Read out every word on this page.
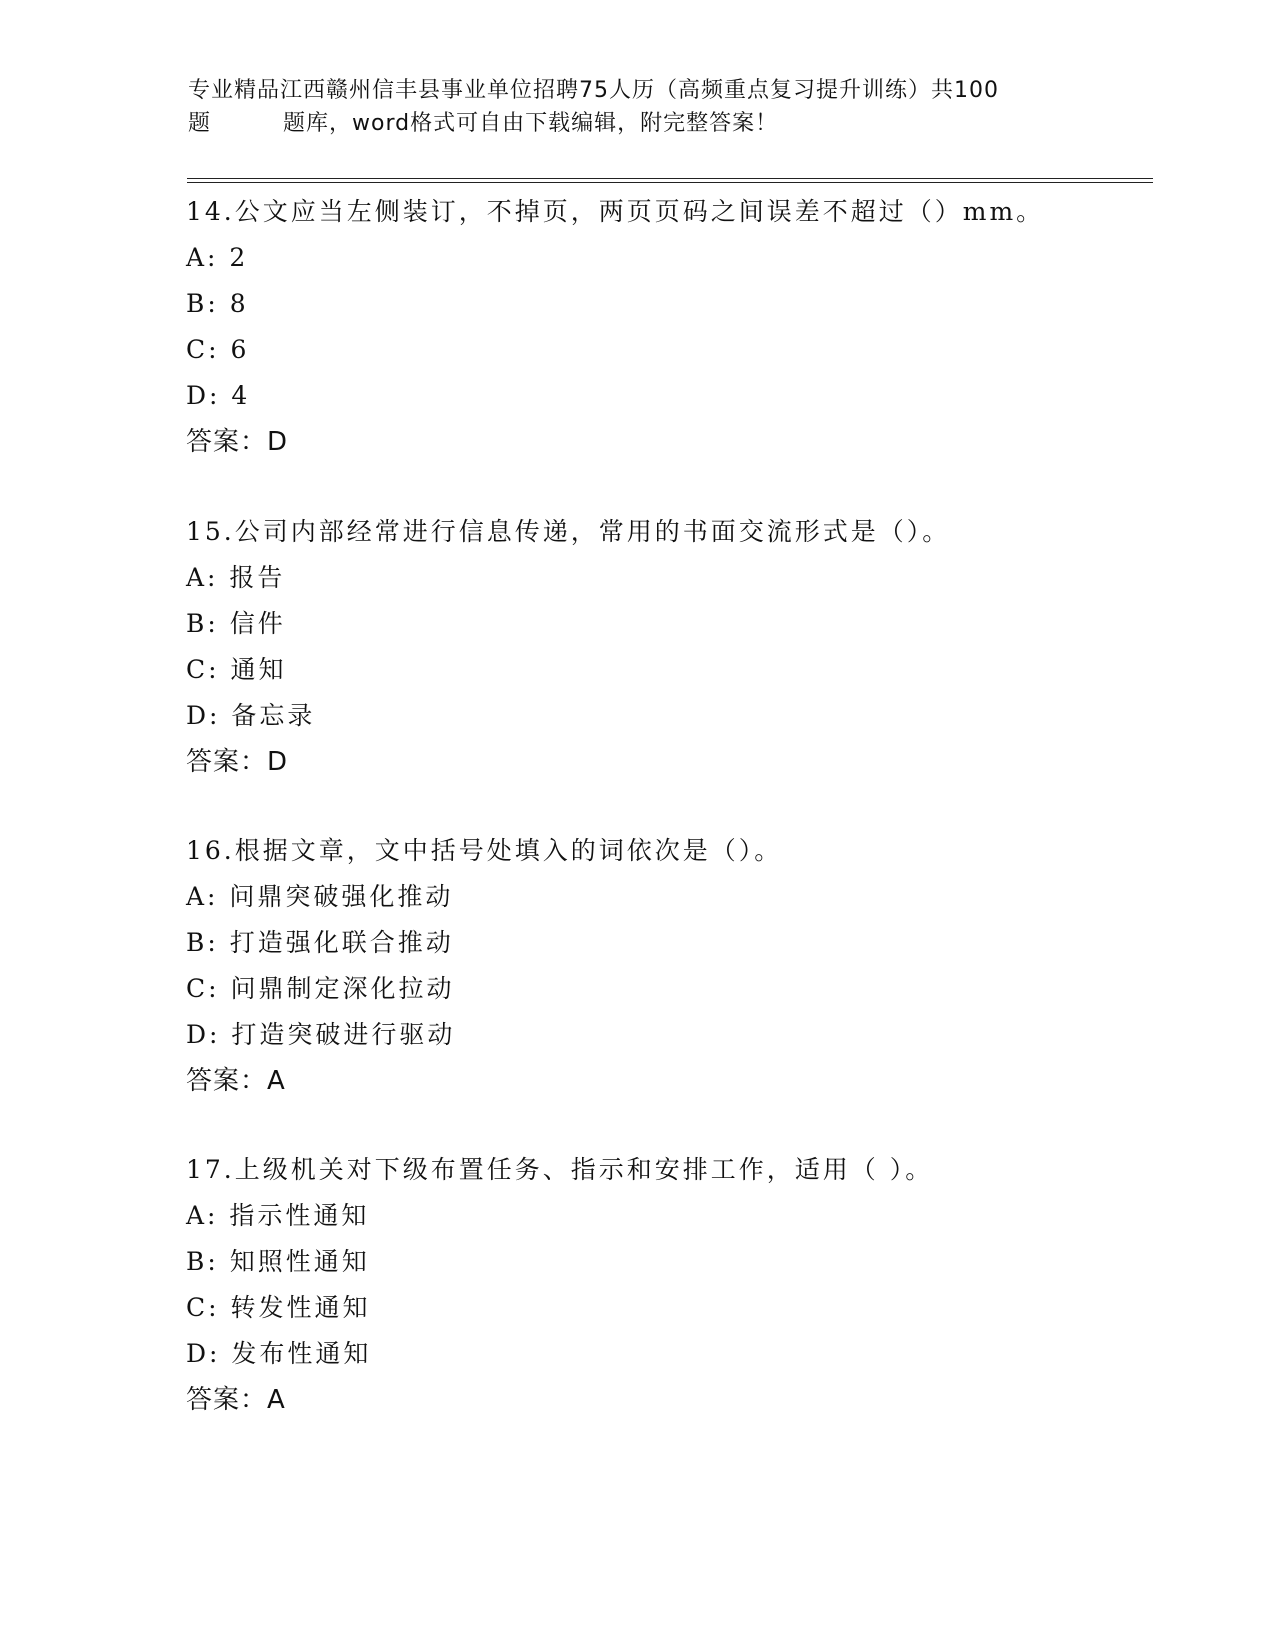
专业精品江西赣州信丰县事业单位招聘75人历（高频重点复习提升训练）共100
题	题库，word格式可自由下载编辑，附完整答案！
14.公文应当左侧装订，不掉页，两页页码之间误差不超过（）mm。
A: 2
B: 8
C: 6
D: 4
答案：D
15.公司内部经常进行信息传递，常用的书面交流形式是（）。
A: 报告
B: 信件
C: 通知
D: 备忘录
答案：D
16.根据文章，文中括号处填入的词依次是（）。
A: 问鼎突破强化推动
B: 打造强化联合推动
C: 问鼎制定深化拉动
D: 打造突破进行驱动
答案：A
17.上级机关对下级布置任务、指示和安排工作，适用（ ）。
A: 指示性通知
B: 知照性通知
C: 转发性通知
D: 发布性通知
答案：A
